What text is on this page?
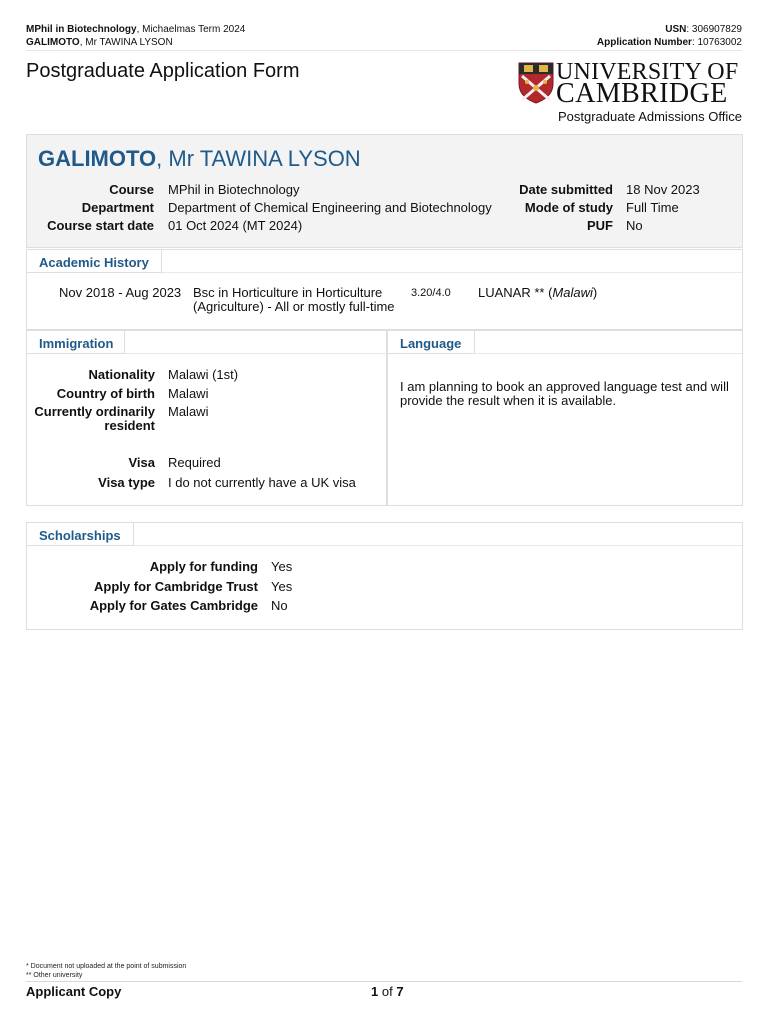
MPhil in Biotechnology, Michaelmas Term 2024
GALIMOTO, Mr TAWINA LYSON
USN: 306907829
Application Number: 10763002
Postgraduate Application Form	UNIVERSITY OF
CAMBRIDGE
Postgraduate Admissions Office
GALIMOTO, Mr TAWINA LYSON
Course MPhil in Biotechnology
Department Department of Chemical Engineering and Biotechnology
Course start date 01 Oct 2024 (MT 2024)
Date submitted 18 Nov 2023
Mode of study Full Time
PUF No
Academic History
Nov 2018 - Aug 2023 Bsc in Horticulture in Horticulture
(Agriculture) - All or mostly full-time
3.20/4.0 LUANAR ** (Malawi)
Immigration
Nationality Malawi (1st)
Country of birth Malawi
Currently ordinarily
resident
Malawi
Visa Required
Visa type I do not currently have a UK visa
Language
I am planning to book an approved language test and will
provide the result when it is available.
Scholarships
Apply for funding Yes
Apply for Cambridge Trust Yes
Apply for Gates Cambridge No
* Document not uploaded at the point of submission
** Other university
Applicant Copy	1 of 7
